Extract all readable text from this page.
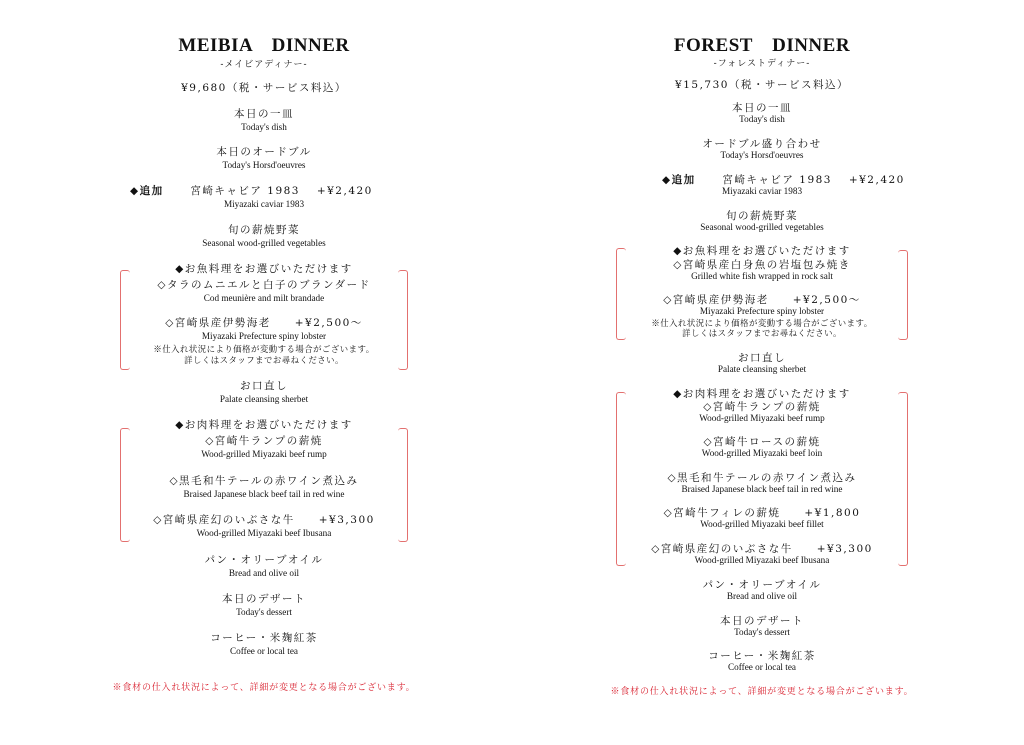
MEIBIA　DINNER
-メイビアディナー-
¥9,680（税・サービス料込）
本日の一皿
Today's dish
本日のオードブル
Today's Horsd'oeuvres
◆追加	宮崎キャビア 1983　 +¥2,420
Miyazaki caviar 1983
旬の薪焼野菜
Seasonal wood-grilled vegetables
◆お魚料理をお選びいただけます
◇タラのムニエルと白子のブランダード
Cod meunière and milt brandade
◇宮崎県産伊勢海老　　+¥2,500～
Miyazaki Prefecture spiny lobster
※仕入れ状況により価格が変動する場合がございます。
詳しくはスタッフまでお尋ねください。
お口直し
Palate cleansing sherbet
◆お肉料理をお選びいただけます
◇宮崎牛ランプの薪焼
Wood-grilled Miyazaki beef rump
◇黒毛和牛テールの赤ワイン煮込み
Braised Japanese black beef tail in red wine
◇宮崎県産幻のいぶさな牛　　+¥3,300
Wood-grilled Miyazaki beef Ibusana
パン・オリーブオイル
Bread and olive oil
本日のデザート
Today's dessert
コーヒー・米麹紅茶
Coffee or local tea
※食材の仕入れ状況によって、詳細が変更となる場合がございます。
FOREST　DINNER
-フォレストディナー-
¥15,730（税・サービス料込）
本日の一皿
Today's dish
オードブル盛り合わせ
Today's Horsd'oeuvres
◆追加	宮崎キャビア 1983　 +¥2,420
Miyazaki caviar 1983
旬の薪焼野菜
Seasonal wood-grilled vegetables
◆お魚料理をお選びいただけます
◇宮崎県産白身魚の岩塩包み焼き
Grilled white fish wrapped in rock salt
◇宮崎県産伊勢海老　　+¥2,500～
Miyazaki Prefecture spiny lobster
※仕入れ状況により価格が変動する場合がございます。
詳しくはスタッフまでお尋ねください。
お口直し
Palate cleansing sherbet
◆お肉料理をお選びいただけます
◇宮崎牛ランプの薪焼
Wood-grilled Miyazaki beef rump
◇宮崎牛ロースの薪焼
Wood-grilled Miyazaki beef loin
◇黒毛和牛テールの赤ワイン煮込み
Braised Japanese black beef tail in red wine
◇宮崎牛フィレの薪焼　　+¥1,800
Wood-grilled Miyazaki beef fillet
◇宮崎県産幻のいぶさな牛　　+¥3,300
Wood-grilled Miyazaki beef Ibusana
パン・オリーブオイル
Bread and olive oil
本日のデザート
Today's dessert
コーヒー・米麹紅茶
Coffee or local tea
※食材の仕入れ状況によって、詳細が変更となる場合がございます。
